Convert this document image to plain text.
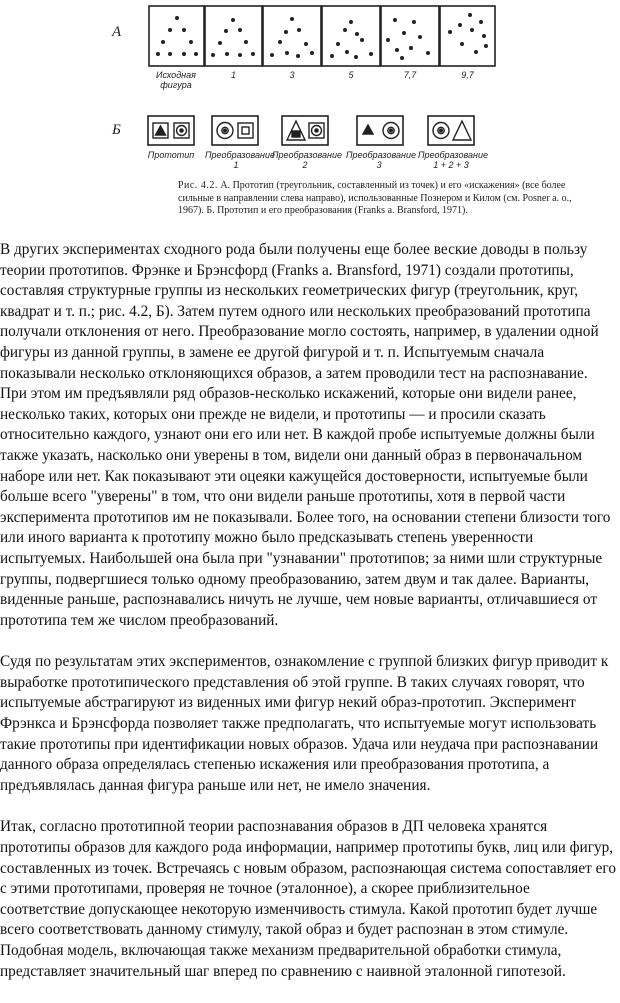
А
Б
Исходная фигура
1	3	5	7,7	9,7
Прототип	Преобразование 1
Преобразование 2
Преобразование 3
Преобразование 1 + 2 + 3
Рис. 4.2. А. Прототип (треугольник, составленный из точек) и его «искажения» (все более сильные в направлении слева направо), использованные Познером и Килом (см. Posner a. o., 1967). Б. Прототип и его преобразования (Franks a. Bransford, 1971).

В других экспериментах сходного рода были получены еще более веские доводы в пользу теории прототипов. Фрэнке и Брэнсфорд (Franks a. Bransford, 1971) создали прототипы, составляя структурные группы из нескольких геометрических фигур (треугольник, круг, квадрат и т. п.; рис. 4.2, Б). Затем путем одного или нескольких преобразований прототипа получали отклонения от него. Преобразование могло состоять, например, в удалении одной фигуры из данной группы, в замене ее другой фигурой и т. п. Испытуемым сначала показывали несколько отклоняющихся образов, а затем проводили тест на распознавание. При этом им предъявляли ряд образов-несколько искажений, которые они видели ранее, несколько таких, которых они прежде не видели, и прототипы — и просили сказать относительно каждого, узнают они его или нет. В каждой пробе испытуемые должны были также указать, насколько они уверены в том, видели они данный образ в первоначальном наборе или нет. Как показывают эти оцеяки кажущейся достоверности, испытуемые были больше всего "уверены" в том, что они видели раньше прототипы, хотя в первой части эксперимента прототипов им не показывали. Более того, на основании степени близости того или иного варианта к прототипу можно было предсказывать степень уверенности испытуемых. Наибольшей она была при "узнавании" прототипов; за ними шли структурные группы, подвергшиеся только одному преобразованию, затем двум и так далее. Варианты, виденные раньше, распознавались ничуть не лучше, чем новые варианты, отличавшиеся от прототипа тем же числом преобразований.

Судя по результатам этих экспериментов, ознакомление с группой близких фигур приводит к выработке прототипического представления об этой группе. В таких случаях говорят, что испытуемые абстрагируют из виденных ими фигур некий образ-прототип. Эксперимент Фрэнкса и Брэнсфорда позволяет также предполагать, что испытуемые могут использовать такие прототипы при идентификации новых образов. Удача или неудача при распознавании данного образа определялась степенью искажения или преобразования прототипа, а предъявлялась данная фигура раньше или нет, не имело значения.

Итак, согласно прототипной теории распознавания образов в ДП человека хранятся прототипы образов для каждого рода информации, например прототипы букв, лиц или фигур, составленных из точек. Встречаясь с новым образом, распознающая система сопоставляет его с этими прототипами, проверяя не точное (эталонное), а скорее приблизительное соответствие допускающее некоторую изменчивость стимула. Какой прототип будет лучше всего соответствовать данному стимулу, такой образ и будет распознан в этом стимуле. Подобная модель, включающая также механизм предварительной обработки стимула, представляет значительный шаг вперед по сравнению с наивной эталонной гипотезой.
